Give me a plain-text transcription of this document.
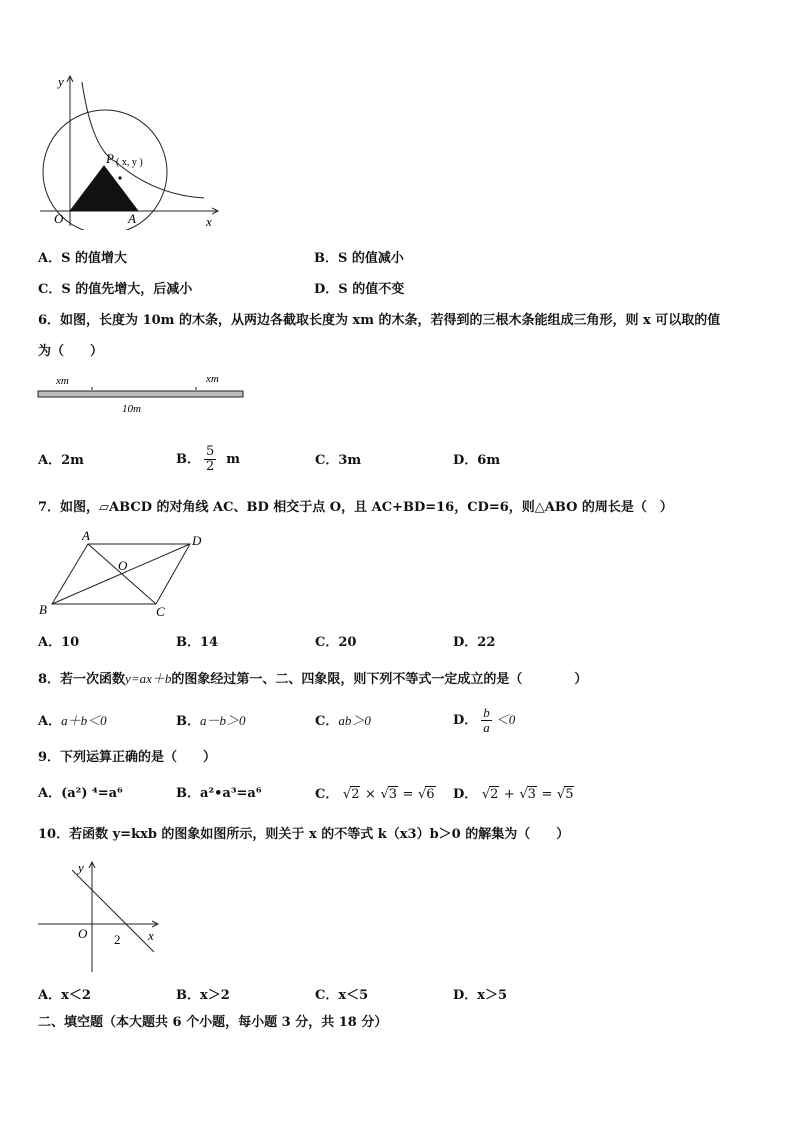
y
x
O	A
P ( x, y )
A．S 的值增大	B．S 的值减小
C．S 的值先增大，后减小	D．S 的值不变
6．如图，长度为 10m 的木条，从两边各截取长度为 xm 的木条，若得到的三根木条能组成三角形，则 x 可以取的值
为（　　）
xm	xm
10m
A．2m	B． $\frac{5}{2}$ m	C．3m	D．6m
7．如图，▱ABCD 的对角线 AC、BD 相交于点 O，且 AC+BD=16，CD=6，则△ABO 的周长是（　）
A	D
O
B	C
A．10	B．14	C．20	D．22
8．若一次函数y=ax＋b的图象经过第一、二、四象限，则下列不等式一定成立的是（　　　　）
A．a＋b＜0	B．a－b＞0	C．ab＞0	D． $\frac{b}{a} <0$
9．下列运算正确的是（　　）
A．(a²) ⁴=a⁶	B．a²•a³=a⁶	C． √2 × √3 = √6 D． √2 + √3 = √5
10．若函数 y=kxb 的图象如图所示，则关于 x 的不等式 k（x3）b＞0 的解集为（　　）
y
x
O 2
A．x＜2	B．x＞2	C．x＜5	D．x＞5
二、填空题（本大题共 6 个小题，每小题 3 分，共 18 分）
